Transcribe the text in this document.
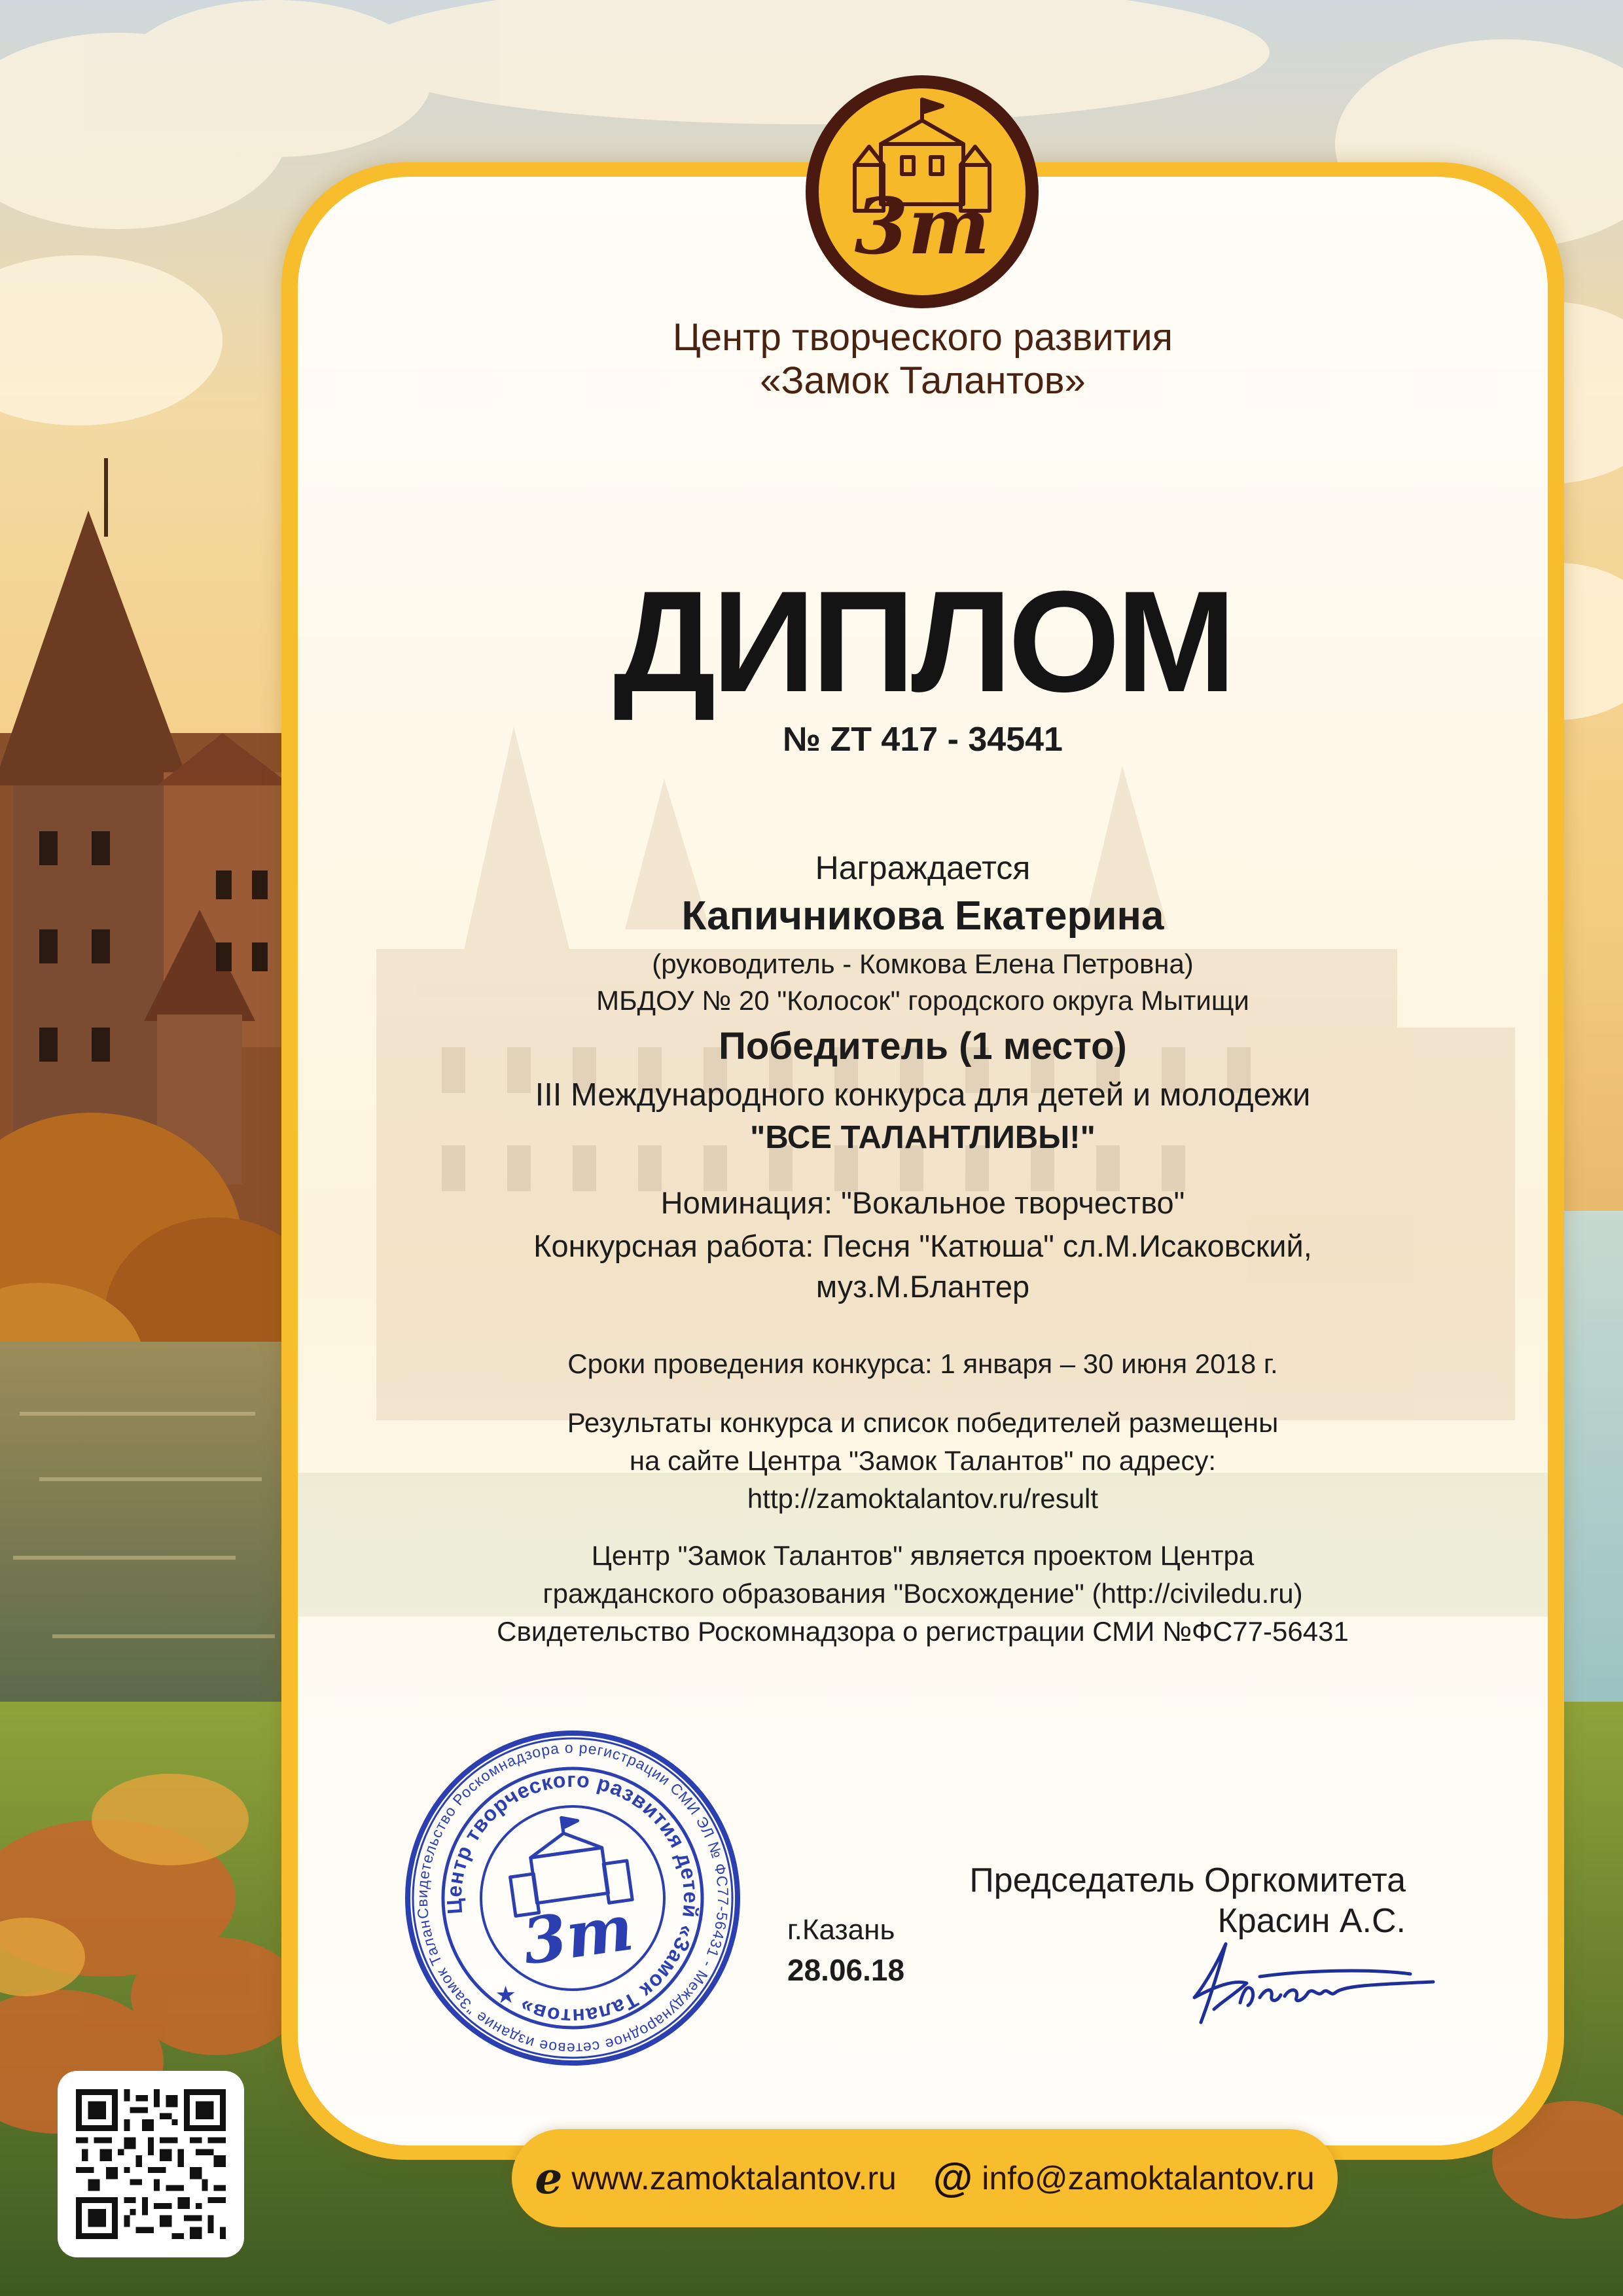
3m
Центр творческого развития
«Замок Талантов»
ДИПЛОМ
№ ZT 417 - 34541
Награждается
Капичникова Екатерина
(руководитель - Комкова Елена Петровна)
МБДОУ № 20 "Колосок" городского округа Мытищи
Победитель (1 место)
III Международного конкурса для детей и молодежи
"ВСЕ ТАЛАНТЛИВЫ!"
Номинация: "Вокальное творчество"
Конкурсная работа: Песня "Катюша" сл.М.Исаковский,
муз.М.Блантер
Сроки проведения конкурса: 1 января – 30 июня 2018 г.
Результаты конкурса и список победителей размещены
на сайте Центра "Замок Талантов" по адресу:
http://zamoktalantov.ru/result
Центр "Замок Талантов" является проектом Центра
гражданского образования "Восхождение" (http://civiledu.ru)
Свидетельство Роскомнадзора о регистрации СМИ №ФС77-56431
Свидетельство Роскомнадзора о регистрации СМИ ЭЛ № ФС77-56431 - Международное сетевое издание "Замок Талантов"
Центр творческого развития детей «Замок Талантов» ★
3m	г.Казань
28.06.18
Председатель Оргкомитета
Красин А.С.
e www.zamoktalantov.ru @ info@zamoktalantov.ru
